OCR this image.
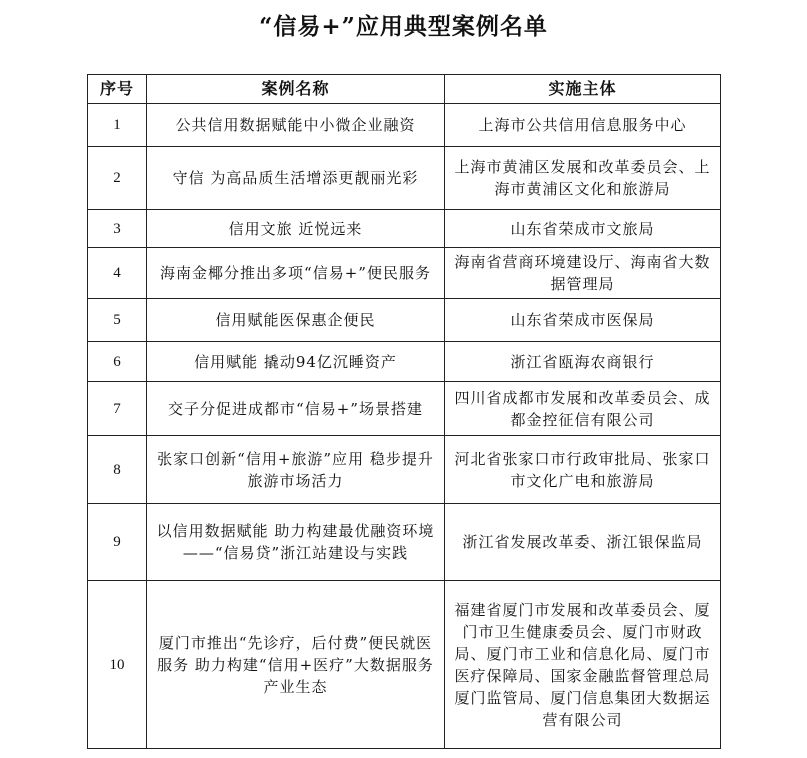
“信易+”应用典型案例名单
序号	案例名称	实施主体
1	公共信用数据赋能中小微企业融资	上海市公共信用信息服务中心
2	守信 为高品质生活增添更靓丽光彩	上海市黄浦区发展和改革委员会、上海市黄浦区文化和旅游局
3	信用文旅 近悦远来	山东省荣成市文旅局
4	海南金椰分推出多项“信易+”便民服务	海南省营商环境建设厅、海南省大数据管理局
5	信用赋能医保惠企便民	山东省荣成市医保局
6	信用赋能 撬动94亿沉睡资产	浙江省瓯海农商银行
7	交子分促进成都市“信易+”场景搭建	四川省成都市发展和改革委员会、成都金控征信有限公司
8	张家口创新“信用+旅游”应用 稳步提升旅游市场活力	河北省张家口市行政审批局、张家口市文化广电和旅游局
9	以信用数据赋能 助力构建最优融资环境——“信易贷”浙江站建设与实践	浙江省发展改革委、浙江银保监局
10	厦门市推出“先诊疗，后付费”便民就医服务 助力构建“信用+医疗”大数据服务产业生态	福建省厦门市发展和改革委员会、厦门市卫生健康委员会、厦门市财政局、厦门市工业和信息化局、厦门市医疗保障局、国家金融监督管理总局厦门监管局、厦门信息集团大数据运营有限公司
